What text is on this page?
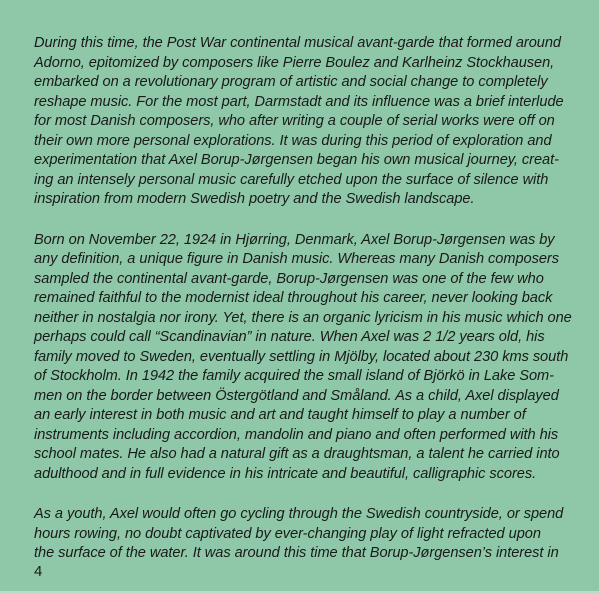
During this time, the Post War continental musical avant-garde that formed around
Adorno, epitomized by composers like Pierre Boulez and Karlheinz Stockhausen,
embarked on a revolutionary program of artistic and social change to completely
reshape music. For the most part, Darmstadt and its influence was a brief interlude
for most Danish composers, who after writing a couple of serial works were off on
their own more personal explorations. It was during this period of exploration and
experimentation that Axel Borup-Jørgensen began his own musical journey, creat-
ing an intensely personal music carefully etched upon the surface of silence with
inspiration from modern Swedish poetry and the Swedish landscape.
Born on November 22, 1924 in Hjørring, Denmark, Axel Borup-Jørgensen was by
any definition, a unique figure in Danish music. Whereas many Danish composers
sampled the continental avant-garde, Borup-Jørgensen was one of the few who
remained faithful to the modernist ideal throughout his career, never looking back
neither in nostalgia nor irony. Yet, there is an organic lyricism in his music which one
perhaps could call “Scandinavian” in nature. When Axel was 2 1/2 years old, his
family moved to Sweden, eventually settling in Mjölby, located about 230 kms south
of Stockholm. In 1942 the family acquired the small island of Björkö in Lake Som-
men on the border between Östergötland and Småland. As a child, Axel displayed
an early interest in both music and art and taught himself to play a number of
instruments including accordion, mandolin and piano and often performed with his
school mates. He also had a natural gift as a draughtsman, a talent he carried into
adulthood and in full evidence in his intricate and beautiful, calligraphic scores.
As a youth, Axel would often go cycling through the Swedish countryside, or spend
hours rowing, no doubt captivated by ever-changing play of light refracted upon
the surface of the water. It was around this time that Borup-Jørgensen’s interest in
4
